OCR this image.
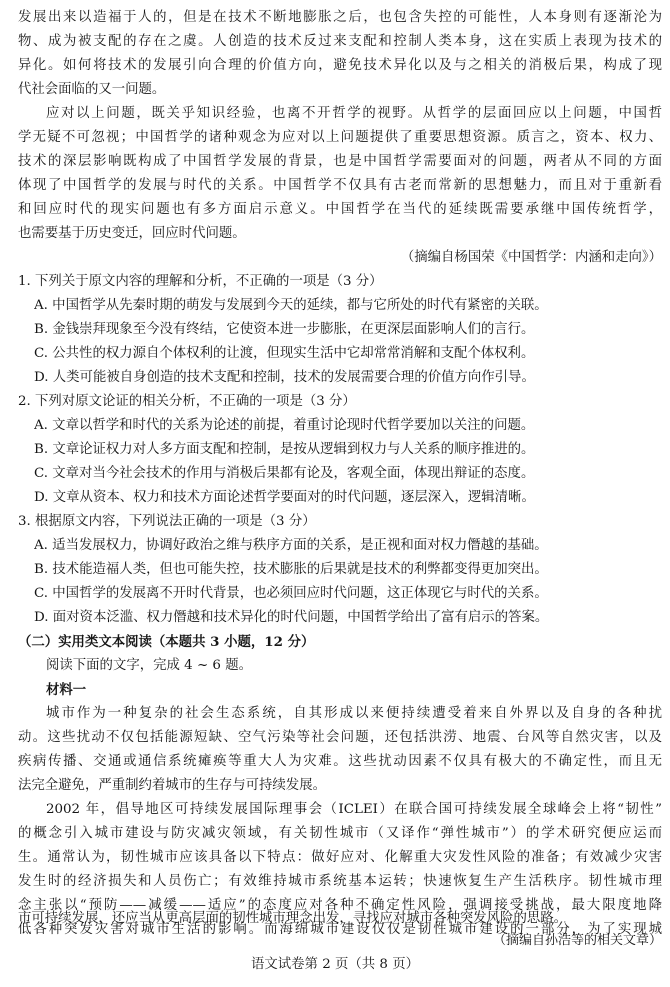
发展出来以造福于人的，但是在技术不断地膨胀之后，也包含失控的可能性，人本身则有逐渐沦为
物、成为被支配的存在之虞。人创造的技术反过来支配和控制人类本身，这在实质上表现为技术的
异化。如何将技术的发展引向合理的价值方向，避免技术异化以及与之相关的消极后果，构成了现
代社会面临的又一问题。
应对以上问题，既关乎知识经验，也离不开哲学的视野。从哲学的层面回应以上问题，中国哲
学无疑不可忽视；中国哲学的诸种观念为应对以上问题提供了重要思想资源。质言之，资本、权力、
技术的深层影响既构成了中国哲学发展的背景，也是中国哲学需要面对的问题，两者从不同的方面
体现了中国哲学的发展与时代的关系。中国哲学不仅具有古老而常新的思想魅力，而且对于重新看
和回应时代的现实问题也有多方面启示意义。中国哲学在当代的延续既需要承继中国传统哲学，
也需要基于历史变迁，回应时代问题。
（摘编自杨国荣《中国哲学：内涵和走向》）
1. 下列关于原文内容的理解和分析，不正确的一项是（3 分）
A. 中国哲学从先秦时期的萌发与发展到今天的延续，都与它所处的时代有紧密的关联。
B. 金钱崇拜现象至今没有终结，它使资本进一步膨胀，在更深层面影响人们的言行。
C. 公共性的权力源自个体权利的让渡，但现实生活中它却常常消解和支配个体权利。
D. 人类可能被自身创造的技术支配和控制，技术的发展需要合理的价值方向作引导。
2. 下列对原文论证的相关分析，不正确的一项是（3 分）
A. 文章以哲学和时代的关系为论述的前提，着重讨论现时代哲学要加以关注的问题。
B. 文章论证权力对人多方面支配和控制，是按从逻辑到权力与人关系的顺序推进的。
C. 文章对当今社会技术的作用与消极后果都有论及，客观全面，体现出辩证的态度。
D. 文章从资本、权力和技术方面论述哲学要面对的时代问题，逐层深入，逻辑清晰。
3. 根据原文内容，下列说法正确的一项是（3 分）
A. 适当发展权力，协调好政治之维与秩序方面的关系，是正视和面对权力僭越的基础。
B. 技术能造福人类，但也可能失控，技术膨胀的后果就是技术的利弊都变得更加突出。
C. 中国哲学的发展离不开时代背景，也必须回应时代问题，这正体现它与时代的关系。
D. 面对资本泛滥、权力僭越和技术异化的时代问题，中国哲学给出了富有启示的答案。
（二）实用类文本阅读（本题共 3 小题，12 分）
阅读下面的文字，完成 4 ~ 6 题。
材料一
城市作为一种复杂的社会生态系统，自其形成以来便持续遭受着来自外界以及自身的各种扰
动。这些扰动不仅包括能源短缺、空气污染等社会问题，还包括洪涝、地震、台风等自然灾害，以及
疾病传播、交通或通信系统瘫痪等重大人为灾难。这些扰动因素不仅具有极大的不确定性，而且无
法完全避免，严重制约着城市的生存与可持续发展。
2002 年，倡导地区可持续发展国际理事会（ICLEI）在联合国可持续发展全球峰会上将“韧性”
的概念引入城市建设与防灾减灾领域，有关韧性城市（又译作“弹性城市”）的学术研究便应运而
生。通常认为，韧性城市应该具备以下特点：做好应对、化解重大灾发性风险的准备；有效减少灾害
发生时的经济损失和人员伤亡；有效维持城市系统基本运转；快速恢复生产生活秩序。韧性城市理
念主张以“预防——减缓——适应”的态度应对各种不确定性风险，强调接受挑战，最大限度地降
低各种突发灾害对城市生活的影响。而海绵城市建设仅仅是韧性城市建设的一部分，为了实现城
市可持续发展，还应当从更高层面的韧性城市理念出发，寻找应对城市各种突发风险的思路。
（摘编自孙浩等的相关文章）
语文试卷第 2 页（共 8 页）
